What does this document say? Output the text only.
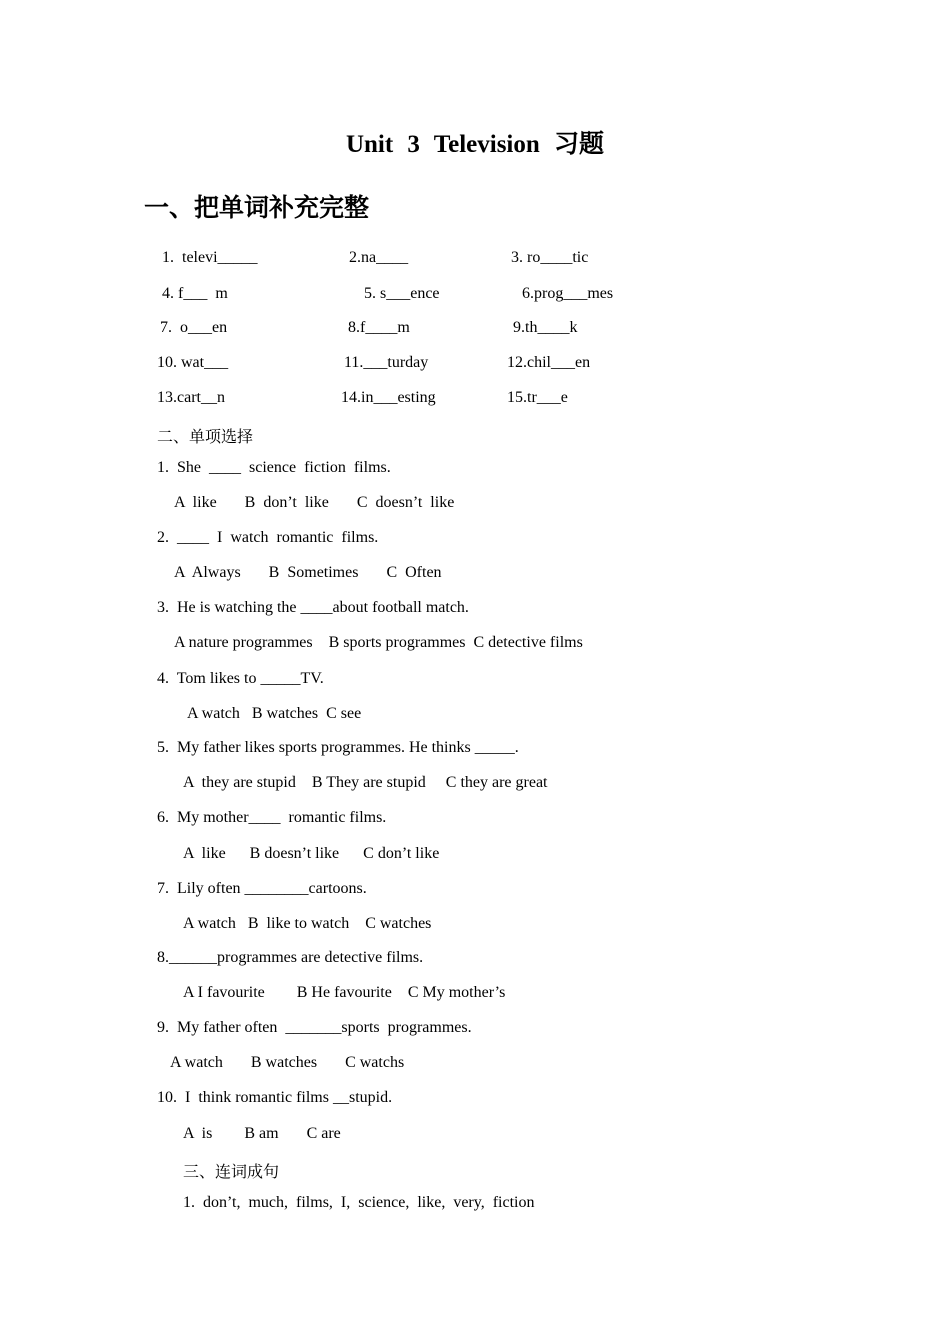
Unit 3 Television 习题
一、把单词补充完整
1.  televi_____	2.na____	3. ro____tic
4. f___  m	5. s___ence	6.prog___mes
7.  o___en	8.f____m	9.th____k
10. wat___	11.___turday	12.chil___en
13.cart__n	14.in___esting	15.tr___e
二、单项选择
1.  She  ____  science  fiction  films.
A  like       B  don’t  like       C  doesn’t  like
2.  ____  I  watch  romantic  films.
A  Always       B  Sometimes       C  Often
3.  He is watching the ____about football match.
A nature programmes    B sports programmes  C detective films
4.  Tom likes to _____TV.
A watch   B watches  C see
5.  My father likes sports programmes. He thinks _____.
A  they are stupid    B They are stupid     C they are great
6.  My mother____  romantic films.
A  like      B doesn’t like      C don’t like
7.  Lily often ________cartoons.
A watch   B  like to watch    C watches
8.______programmes are detective films.
A I favourite        B He favourite    C My mother’s
9.  My father often  _______sports  programmes.
A watch       B watches       C watchs
10.  I  think romantic films __stupid.
A  is        B am       C are
三、连词成句
1.  don’t,  much,  films,  I,  science,  like,  very,  fiction
